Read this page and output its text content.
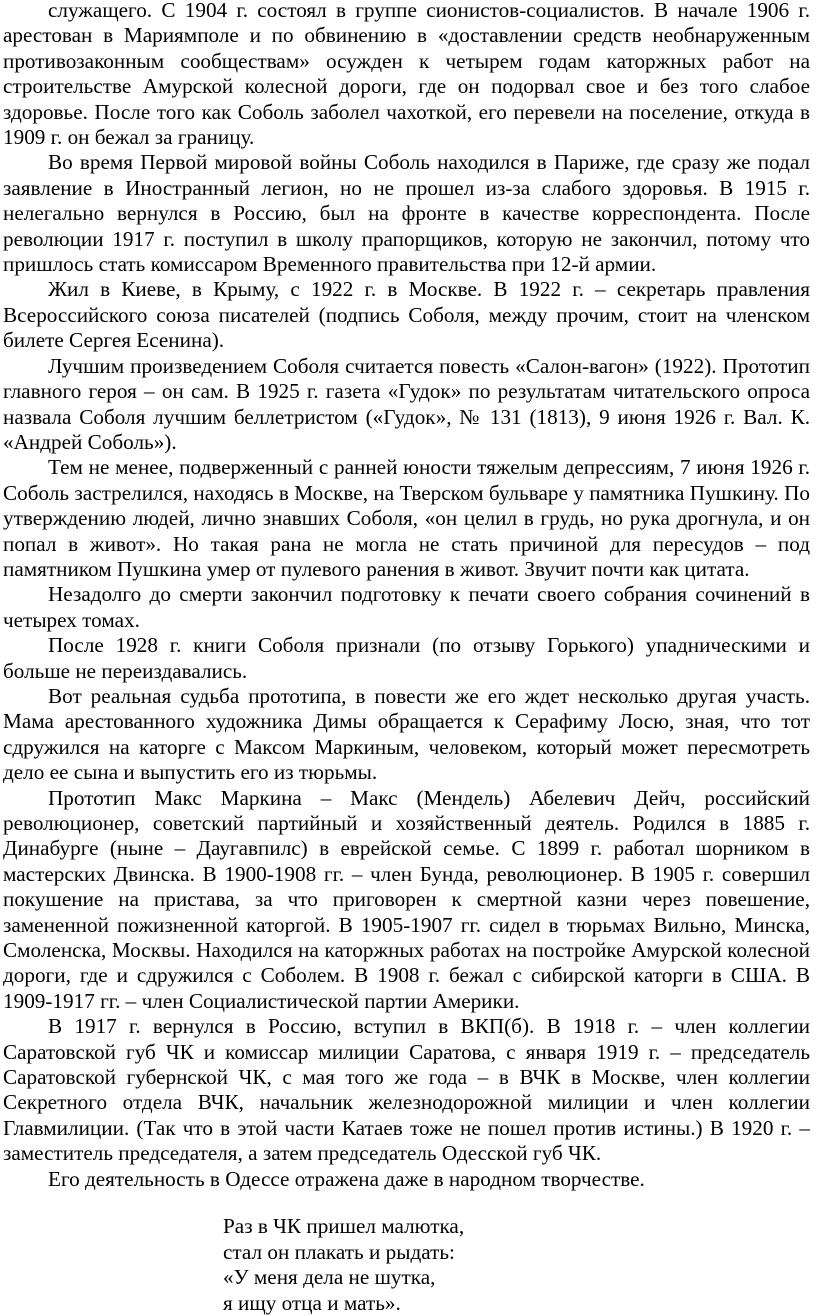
служащего. С 1904 г. состоял в группе сионистов-социалистов. В начале 1906 г. арестован в Мариямполе и по обвинению в «доставлении средств необнаруженным противозаконным сообществам» осужден к четырем годам каторжных работ на строительстве Амурской колесной дороги, где он подорвал свое и без того слабое здоровье. После того как Соболь заболел чахоткой, его перевели на поселение, откуда в 1909 г. он бежал за границу.

Во время Первой мировой войны Соболь находился в Париже, где сразу же подал заявление в Иностранный легион, но не прошел из-за слабого здоровья. В 1915 г. нелегально вернулся в Россию, был на фронте в качестве корреспондента. После революции 1917 г. поступил в школу прапорщиков, которую не закончил, потому что пришлось стать комиссаром Временного правительства при 12-й армии.

Жил в Киеве, в Крыму, с 1922 г. в Москве. В 1922 г. – секретарь правления Всероссийского союза писателей (подпись Соболя, между прочим, стоит на членском билете Сергея Есенина).

Лучшим произведением Соболя считается повесть «Салон-вагон» (1922). Прототип главного героя – он сам. В 1925 г. газета «Гудок» по результатам читательского опроса назвала Соболя лучшим беллетристом («Гудок», № 131 (1813), 9 июня 1926 г. Вал. К. «Андрей Соболь»).

Тем не менее, подверженный с ранней юности тяжелым депрессиям, 7 июня 1926 г. Соболь застрелился, находясь в Москве, на Тверском бульваре у памятника Пушкину. По утверждению людей, лично знавших Соболя, «он целил в грудь, но рука дрогнула, и он попал в живот». Но такая рана не могла не стать причиной для пересудов – под памятником Пушкина умер от пулевого ранения в живот. Звучит почти как цитата.

Незадолго до смерти закончил подготовку к печати своего собрания сочинений в четырех томах.

После 1928 г. книги Соболя признали (по отзыву Горького) упадническими и больше не переиздавались.

Вот реальная судьба прототипа, в повести же его ждет несколько другая участь. Мама арестованного художника Димы обращается к Серафиму Лосю, зная, что тот сдружился на каторге с Максом Маркиным, человеком, который может пересмотреть дело ее сына и выпустить его из тюрьмы.

Прототип Макс Маркина – Макс (Мендель) Абелевич Дейч, российский революционер, советский партийный и хозяйственный деятель. Родился в 1885 г. Динабурге (ныне – Даугавпилс) в еврейской семье. С 1899 г. работал шорником в мастерских Двинска. В 1900-1908 гг. – член Бунда, революционер. В 1905 г. совершил покушение на пристава, за что приговорен к смертной казни через повешение, замененной пожизненной каторгой. В 1905-1907 гг. сидел в тюрьмах Вильно, Минска, Смоленска, Москвы. Находился на каторжных работах на постройке Амурской колесной дороги, где и сдружился с Соболем. В 1908 г. бежал с сибирской каторги в США. В 1909-1917 гг. – член Социалистической партии Америки.

В 1917 г. вернулся в Россию, вступил в ВКП(б). В 1918 г. – член коллегии Саратовской губ ЧК и комиссар милиции Саратова, с января 1919 г. – председатель Саратовской губернской ЧК, с мая того же года – в ВЧК в Москве, член коллегии Секретного отдела ВЧК, начальник железнодорожной милиции и член коллегии Главмилиции. (Так что в этой части Катаев тоже не пошел против истины.) В 1920 г. – заместитель председателя, а затем председатель Одесской губ ЧК.

Его деятельность в Одессе отражена даже в народном творчестве.

Раз в ЧК пришел малютка,

стал он плакать и рыдать:

«У меня дела не шутка,

я ищу отца и мать».
